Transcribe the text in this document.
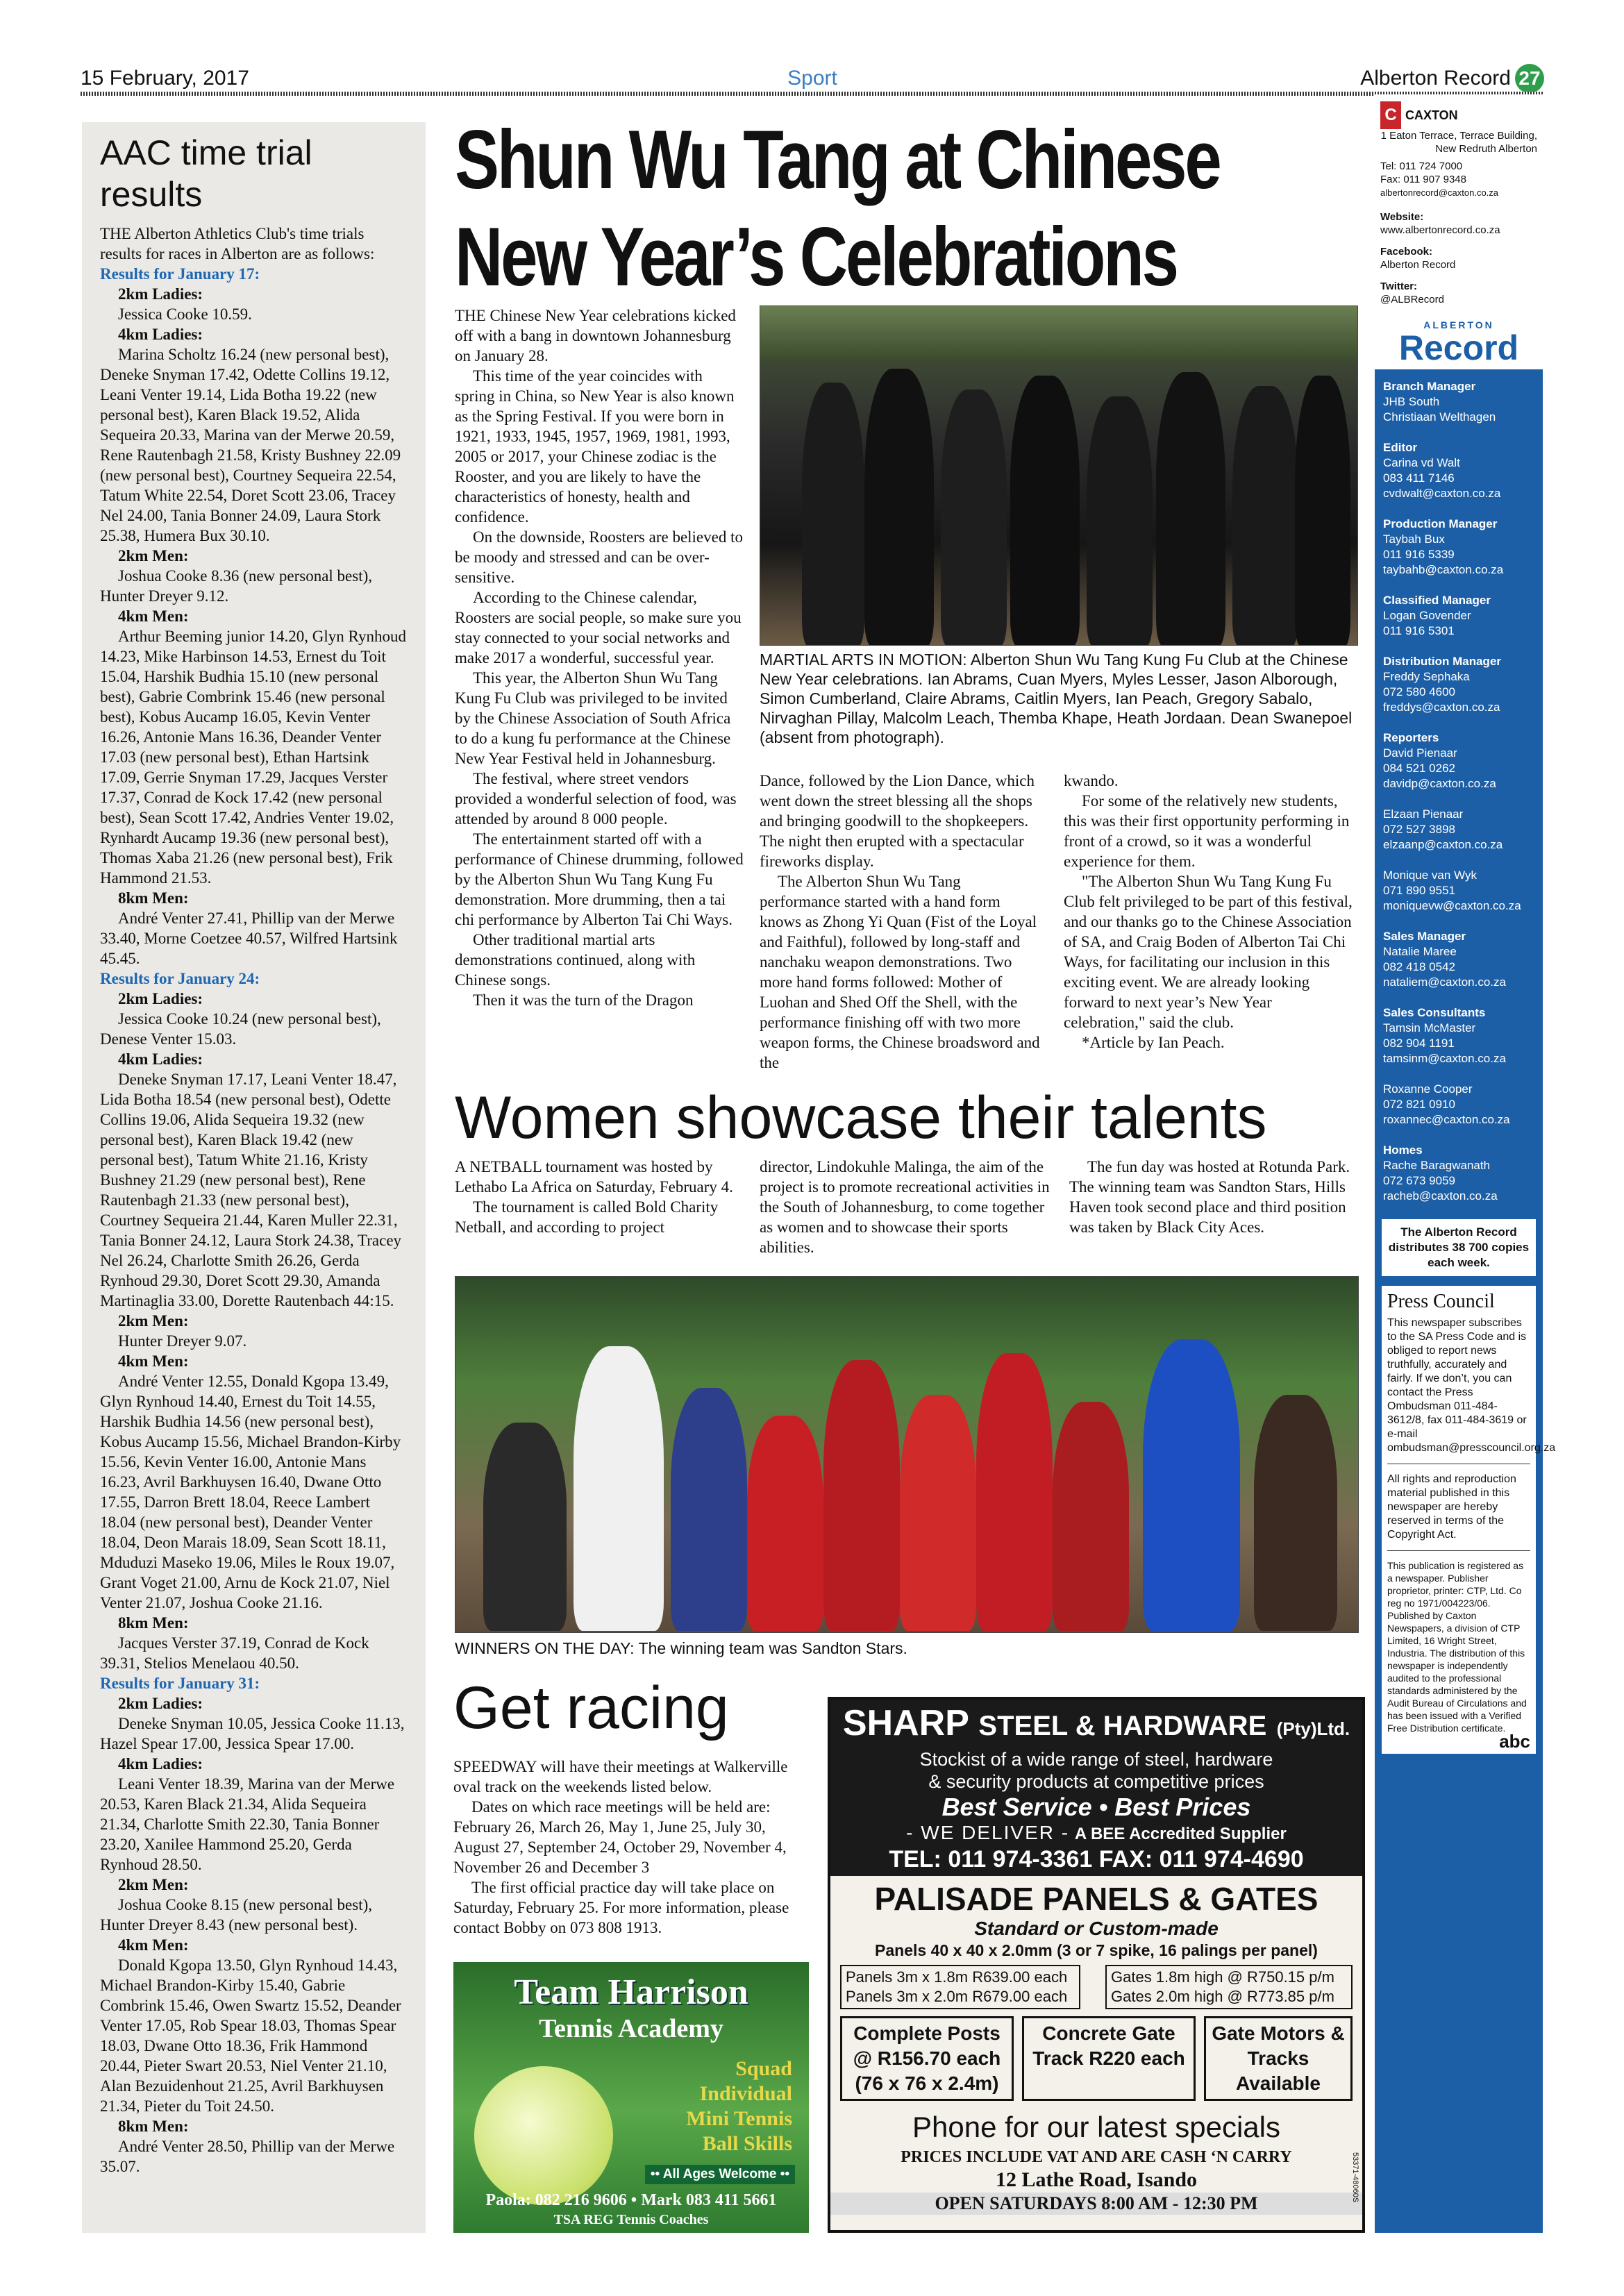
15 February, 2017	Sport	Alberton Record 27
AAC time trial results

THE Alberton Athletics Club's time trials results for races in Alberton are as follows:

Results for January 17:

2km Ladies:

Jessica Cooke 10.59.

4km Ladies:

Marina Scholtz 16.24 (new personal best), Deneke Snyman 17.42, Odette Collins 19.12, Leani Venter 19.14, Lida Botha 19.22 (new personal best), Karen Black 19.52, Alida Sequeira 20.33, Marina van der Merwe 20.59, Rene Rautenbagh 21.58, Kristy Bushney 22.09 (new personal best), Courtney Sequeira 22.54, Tatum White 22.54, Doret Scott 23.06, Tracey Nel 24.00, Tania Bonner 24.09, Laura Stork 25.38, Humera Bux 30.10.

2km Men:

Joshua Cooke 8.36 (new personal best), Hunter Dreyer 9.12.

4km Men:

Arthur Beeming junior 14.20, Glyn Rynhoud 14.23, Mike Harbinson 14.53, Ernest du Toit 15.04, Harshik Budhia 15.10 (new personal best), Gabrie Combrink 15.46 (new personal best), Kobus Aucamp 16.05, Kevin Venter 16.26, Antonie Mans 16.36, Deander Venter 17.03 (new personal best), Ethan Hartsink 17.09, Gerrie Snyman 17.29, Jacques Verster 17.37, Conrad de Kock 17.42 (new personal best), Sean Scott 17.42, Andries Venter 19.02, Rynhardt Aucamp 19.36 (new personal best), Thomas Xaba 21.26 (new personal best), Frik Hammond 21.53.

8km Men:

André Venter 27.41, Phillip van der Merwe 33.40, Morne Coetzee 40.57, Wilfred Hartsink 45.45.

Results for January 24:

2km Ladies:

Jessica Cooke 10.24 (new personal best), Denese Venter 15.03.

4km Ladies:

Deneke Snyman 17.17, Leani Venter 18.47, Lida Botha 18.54 (new personal best), Odette Collins 19.06, Alida Sequeira 19.32 (new personal best), Karen Black 19.42 (new personal best), Tatum White 21.16, Kristy Bushney 21.29 (new personal best), Rene Rautenbagh 21.33 (new personal best), Courtney Sequeira 21.44, Karen Muller 22.31, Tania Bonner 24.12, Laura Stork 24.38, Tracey Nel 26.24, Charlotte Smith 26.26, Gerda Rynhoud 29.30, Doret Scott 29.30, Amanda Martinaglia 33.00, Dorette Rautenbach 44:15.

2km Men:

Hunter Dreyer 9.07.

4km Men:

André Venter 12.55, Donald Kgopa 13.49, Glyn Rynhoud 14.40, Ernest du Toit 14.55, Harshik Budhia 14.56 (new personal best), Kobus Aucamp 15.56, Michael Brandon-Kirby 15.56, Kevin Venter 16.00, Antonie Mans 16.23, Avril Barkhuysen 16.40, Dwane Otto 17.55, Darron Brett 18.04, Reece Lambert 18.04 (new personal best), Deander Venter 18.04, Deon Marais 18.09, Sean Scott 18.11, Mduduzi Maseko 19.06, Miles le Roux 19.07, Grant Voget 21.00, Arnu de Kock 21.07, Niel Venter 21.07, Joshua Cooke 21.16.

8km Men:

Jacques Verster 37.19, Conrad de Kock 39.31, Stelios Menelaou 40.50.

Results for January 31:

2km Ladies:

Deneke Snyman 10.05, Jessica Cooke 11.13, Hazel Spear 17.00, Jessica Spear 17.00.

4km Ladies:

Leani Venter 18.39, Marina van der Merwe 20.53, Karen Black 21.34, Alida Sequeira 21.34, Charlotte Smith 22.30, Tania Bonner 23.20, Xanilee Hammond 25.20, Gerda Rynhoud 28.50.

2km Men:

Joshua Cooke 8.15 (new personal best), Hunter Dreyer 8.43 (new personal best).

4km Men:

Donald Kgopa 13.50, Glyn Rynhoud 14.43, Michael Brandon-Kirby 15.40, Gabrie Combrink 15.46, Owen Swartz 15.52, Deander Venter 17.05, Rob Spear 18.03, Thomas Spear 18.03, Dwane Otto 18.36, Frik Hammond 20.44, Pieter Swart 20.53, Niel Venter 21.10, Alan Bezuidenhout 21.25, Avril Barkhuysen 21.34, Pieter du Toit 24.50.

8km Men:

André Venter 28.50, Phillip van der Merwe 35.07.

Shun Wu Tang at Chinese
New Year’s Celebrations

THE Chinese New Year celebrations kicked off with a bang in downtown Johannesburg on January 28.

This time of the year coincides with spring in China, so New Year is also known as the Spring Festival. If you were born in 1921, 1933, 1945, 1957, 1969, 1981, 1993, 2005 or 2017, your Chinese zodiac is the Rooster, and you are likely to have the characteristics of honesty, health and confidence.

On the downside, Roosters are believed to be moody and stressed and can be over-sensitive.

According to the Chinese calendar, Roosters are social people, so make sure you stay connected to your social networks and make 2017 a wonderful, successful year.

This year, the Alberton Shun Wu Tang Kung Fu Club was privileged to be invited by the Chinese Association of South Africa to do a kung fu performance at the Chinese New Year Festival held in Johannesburg.

The festival, where street vendors provided a wonderful selection of food, was attended by around 8 000 people.

The entertainment started off with a performance of Chinese drumming, followed by the Alberton Shun Wu Tang Kung Fu demonstration. More drumming, then a tai chi performance by Alberton Tai Chi Ways.

Other traditional martial arts demonstrations continued, along with Chinese songs.

Then it was the turn of the Dragon

MARTIAL ARTS IN MOTION: Alberton Shun Wu Tang Kung Fu Club at the Chinese New Year celebrations. Ian Abrams, Cuan Myers, Myles Lesser, Jason Alborough, Simon Cumberland, Claire Abrams, Caitlin Myers, Ian Peach, Gregory Sabalo, Nirvaghan Pillay, Malcolm Leach, Themba Khape, Heath Jordaan. Dean Swanepoel (absent from photograph).

Dance, followed by the Lion Dance, which went down the street blessing all the shops and bringing goodwill to the shopkeepers. The night then erupted with a spectacular fireworks display.

The Alberton Shun Wu Tang performance started with a hand form knows as Zhong Yi Quan (Fist of the Loyal and Faithful), followed by long-staff and nanchaku weapon demonstrations. Two more hand forms followed: Mother of Luohan and Shed Off the Shell, with the performance finishing off with two more weapon forms, the Chinese broadsword and the

kwando.

For some of the relatively new students, this was their first opportunity performing in front of a crowd, so it was a wonderful experience for them.

"The Alberton Shun Wu Tang Kung Fu Club felt privileged to be part of this festival, and our thanks go to the Chinese Association of SA, and Craig Boden of Alberton Tai Chi Ways, for facilitating our inclusion in this exciting event. We are already looking forward to next year’s New Year celebration," said the club.

*Article by Ian Peach.

Women showcase their talents

A NETBALL tournament was hosted by Lethabo La Africa on Saturday, February 4.

The tournament is called Bold Charity Netball, and according to project

director, Lindokuhle Malinga, the aim of the project is to promote recreational activities in the South of Johannesburg, to come together as women and to showcase their sports abilities.

The fun day was hosted at Rotunda Park. The winning team was Sandton Stars, Hills Haven took second place and third position was taken by Black City Aces.

WINNERS ON THE DAY: The winning team was Sandton Stars.
Get racing

SPEEDWAY will have their meetings at Walkerville oval track on the weekends listed below.

Dates on which race meetings will be held are: February 26, March 26, May 1, June 25, July 30, August 27, September 24, October 29, November 4, November 26 and December 3

The first official practice day will take place on Saturday, February 25. For more information, please contact Bobby on 073 808 1913.

Team Harrison
Tennis Academy
Squad
Individual
Mini Tennis
Ball Skills
•• All Ages Welcome ••
Paola: 082 216 9606 • Mark 083 411 5661
TSA REG Tennis Coaches
SHARP STEEL & HARDWARE (Pty)Ltd.
Stockist of a wide range of steel, hardware
& security products at competitive prices
Best Service • Best Prices
- WE DELIVER - A BEE Accredited Supplier
TEL: 011 974-3361 FAX: 011 974-4690
PALISADE PANELS & GATES
Standard or Custom-made
Panels 40 x 40 x 2.0mm (3 or 7 spike, 16 palings per panel)
Panels 3m x 1.8m R639.00 each
Panels 3m x 2.0m R679.00 each
Gates 1.8m high @ R750.15 p/m
Gates 2.0m high @ R773.85 p/m
Complete Posts @ R156.70 each (76 x 76 x 2.4m)
Concrete Gate Track R220 each
Gate Motors & Tracks Available
Phone for our latest specials
PRICES INCLUDE VAT AND ARE CASH ‘N CARRY
12 Lathe Road, Isando
OPEN SATURDAYS 8:00 AM - 12:30 PM
53371-48060S
C CAXTON
1 Eaton Terrace, Terrace Building, New Redruth Alberton
Tel: 011 724 7000
Fax: 011 907 9348
albertonrecord@caxton.co.za
Website:
www.albertonrecord.co.za
Facebook:
Alberton Record
Twitter:
@ALBRecord
ALBERTON
Record

Branch Manager

JHB South

Christiaan Welthagen

Editor

Carina vd Walt

083 411 7146

cvdwalt@caxton.co.za

Production Manager

Taybah Bux

011 916 5339

taybahb@caxton.co.za

Classified Manager

Logan Govender

011 916 5301

Distribution Manager

Freddy Sephaka

072 580 4600

freddys@caxton.co.za

Reporters

David Pienaar

084 521 0262

davidp@caxton.co.za

Elzaan Pienaar

072 527 3898

elzaanp@caxton.co.za

Monique van Wyk

071 890 9551

moniquevw@caxton.co.za

Sales Manager

Natalie Maree

082 418 0542

nataliem@caxton.co.za

Sales Consultants

Tamsin McMaster

082 904 1191

tamsinm@caxton.co.za

Roxanne Cooper

072 821 0910

roxannec@caxton.co.za

Homes

Rache Baragwanath

072 673 9059

racheb@caxton.co.za

The Alberton Record distributes 38 700 copies each week.
Press Council
This newspaper subscribes to the SA Press Code and is obliged to report news truthfully, accurately and fairly. If we don’t, you can contact the Press Ombudsman 011-484-3612/8, fax 011-484-3619 or e-mail ombudsman@presscouncil.org.za
All rights and reproduction material published in this newspaper are hereby reserved in terms of the Copyright Act.
This publication is registered as a newspaper. Publisher proprietor, printer: CTP, Ltd. Co reg no 1971/004223/06. Published by Caxton Newspapers, a division of CTP Limited, 16 Wright Street, Industria. The distribution of this newspaper is independently audited to the professional standards administered by the Audit Bureau of Circulations and has been issued with a Verified Free Distribution certificate.
abc
